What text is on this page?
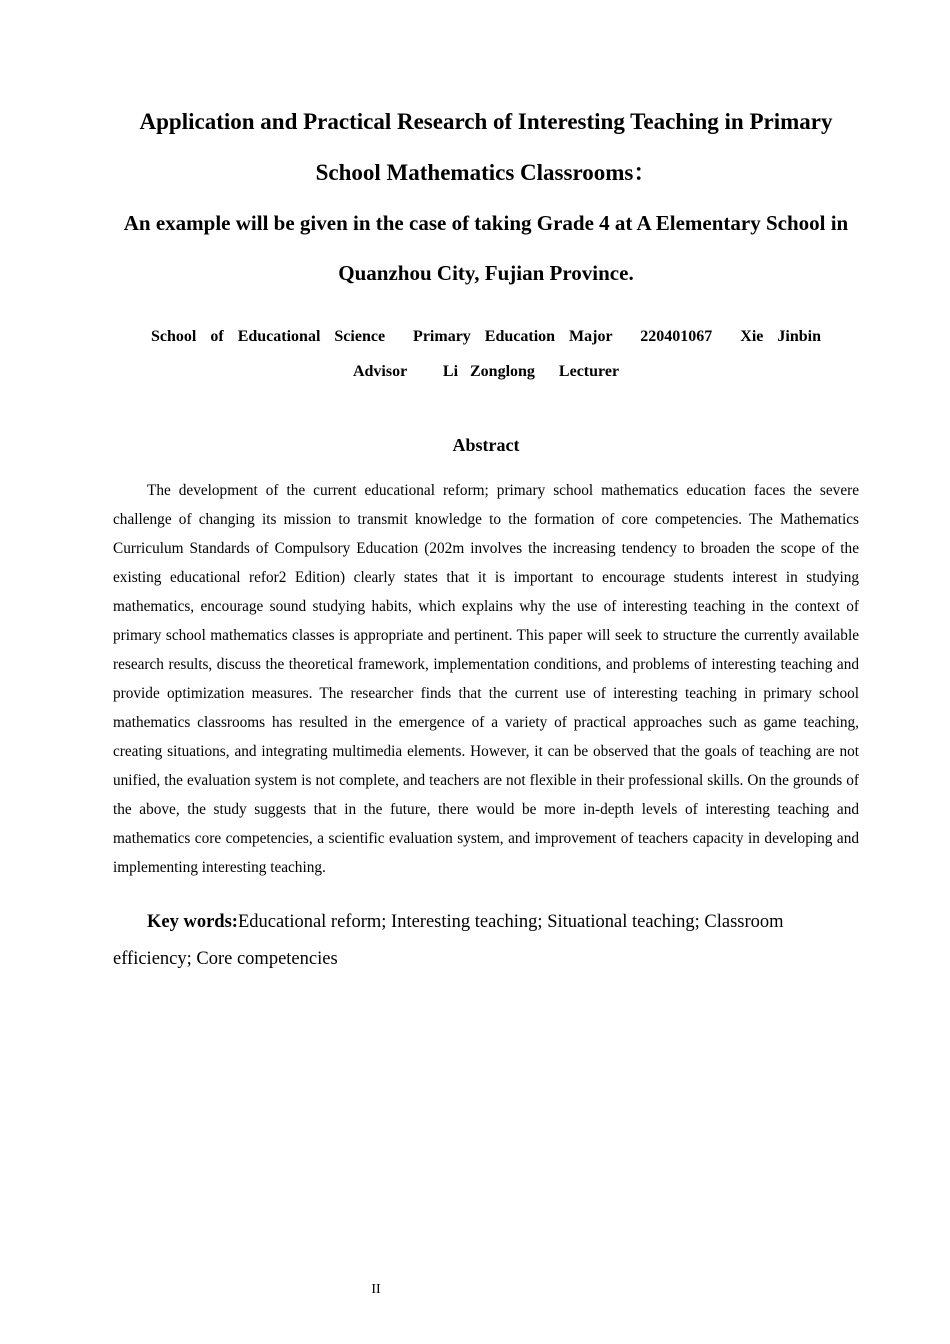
Application and Practical Research of Interesting Teaching in Primary School Mathematics Classrooms：
An example will be given in the case of taking Grade 4 at A Elementary School in Quanzhou City, Fujian Province.

School  of  Educational  Science    Primary  Education  Major    220401067    Xie  Jinbin

Advisor      Li  Zonglong    Lecturer

Abstract

The development of the current educational reform; primary school mathematics education faces the severe challenge of changing its mission to transmit knowledge to the formation of core competencies. The Mathematics Curriculum Standards of Compulsory Education (202m involves the increasing tendency to broaden the scope of the existing educational refor2 Edition) clearly states that it is important to encourage students interest in studying mathematics, encourage sound studying habits, which explains why the use of interesting teaching in the context of primary school mathematics classes is appropriate and pertinent. This paper will seek to structure the currently available research results, discuss the theoretical framework, implementation conditions, and problems of interesting teaching and provide optimization measures. The researcher finds that the current use of interesting teaching in primary school mathematics classrooms has resulted in the emergence of a variety of practical approaches such as game teaching, creating situations, and integrating multimedia elements. However, it can be observed that the goals of teaching are not unified, the evaluation system is not complete, and teachers are not flexible in their professional skills. On the grounds of the above, the study suggests that in the future, there would be more in-depth levels of interesting teaching and mathematics core competencies, a scientific evaluation system, and improvement of teachers capacity in developing and implementing interesting teaching.

Key words:Educational reform; Interesting teaching; Situational teaching; Classroom efficiency; Core competencies

II
